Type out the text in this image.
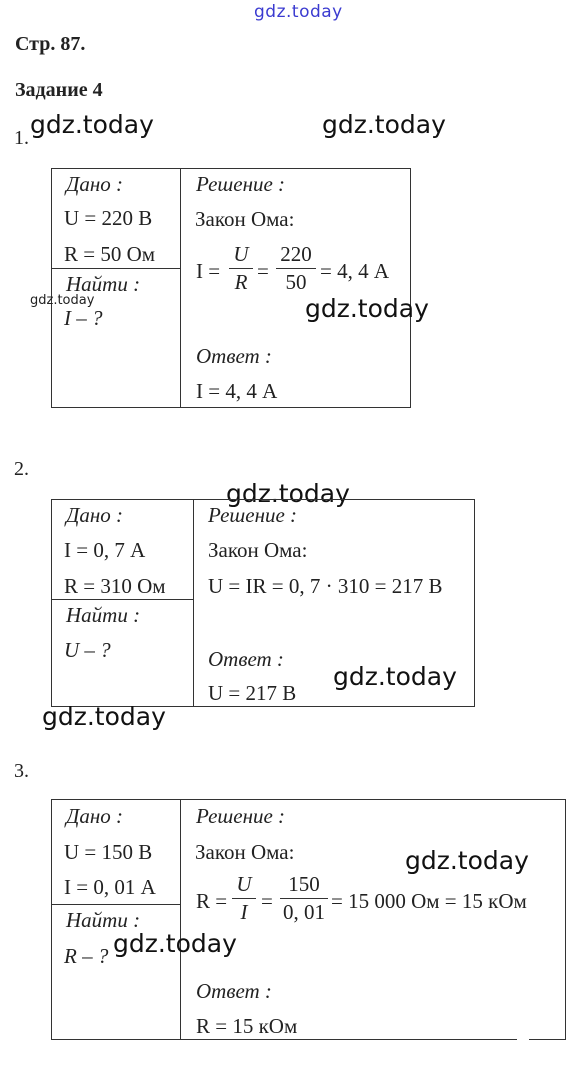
gdz.today
Стр. 87.
Задание 4
1. gdz.today	gdz.today
Дано :
U = 220 В
R = 50 Ом
Найти :
gdz.today
I – ?
Решение :
Закон Ома:
I =
U
R =
220
50 = 4, 4 А
gdz.today
Ответ :
I = 4, 4 А
2.
gdz.today
Дано :
I = 0, 7 А
R = 310 Ом
Найти :
U – ?
Решение :
Закон Ома:
U = IR = 0, 7 · 310 = 217 В
Ответ :
gdz.today
U = 217 В
gdz.today
3.
Дано :
U = 150 В
I = 0, 01 А
Найти :
R – ? gdz.today
Решение :
Закон Ома:	gdz.today
R =
U
I =
150
0, 01 = 15 000 Ом = 15 кОм
Ответ :
R = 15 кОм
